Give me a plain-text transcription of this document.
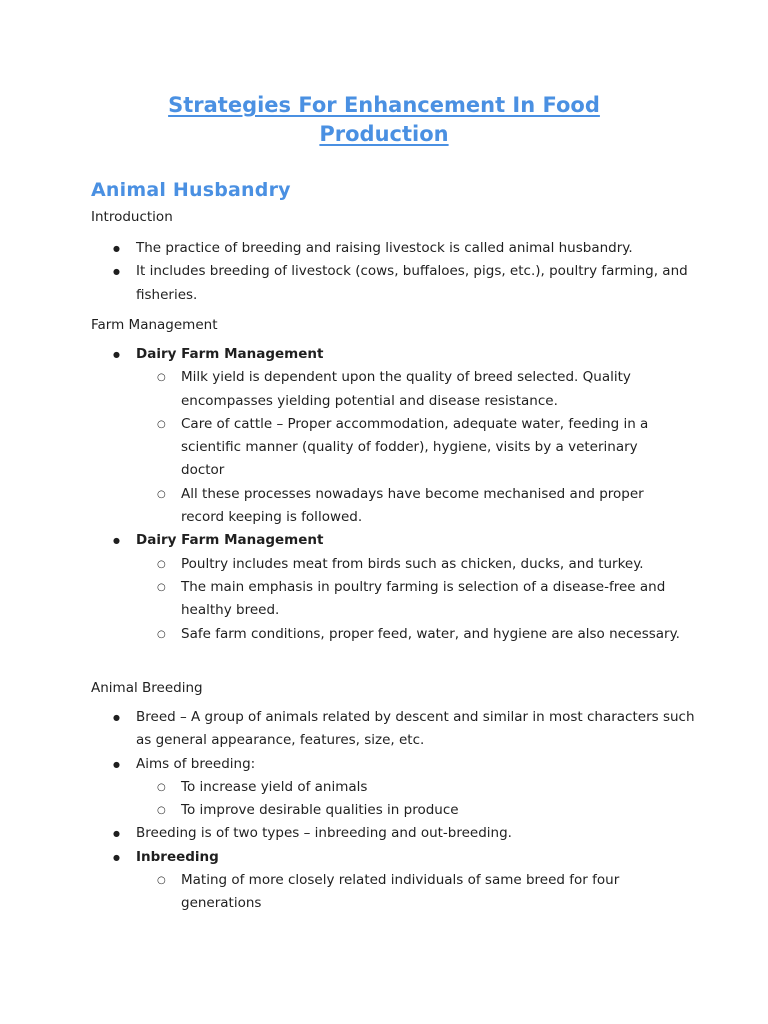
Strategies For Enhancement In Food Production
Animal Husbandry

Introduction

● The practice of breeding and raising livestock is called animal husbandry.
● It includes breeding of livestock (cows, buffaloes, pigs, etc.), poultry farming, and fisheries.

Farm Management

● Dairy Farm Management
○ Milk yield is dependent upon the quality of breed selected. Quality encompasses yielding potential and disease resistance.
○ Care of cattle – Proper accommodation, adequate water, feeding in a scientific manner (quality of fodder), hygiene, visits by a veterinary doctor
○ All these processes nowadays have become mechanised and proper record keeping is followed.
● Dairy Farm Management
○ Poultry includes meat from birds such as chicken, ducks, and turkey.
○ The main emphasis in poultry farming is selection of a disease-free and healthy breed.
○ Safe farm conditions, proper feed, water, and hygiene are also necessary.

Animal Breeding

● Breed – A group of animals related by descent and similar in most characters such as general appearance, features, size, etc.
● Aims of breeding:
○ To increase yield of animals
○ To improve desirable qualities in produce
● Breeding is of two types – inbreeding and out-breeding.
● Inbreeding
○ Mating of more closely related individuals of same breed for four generations
